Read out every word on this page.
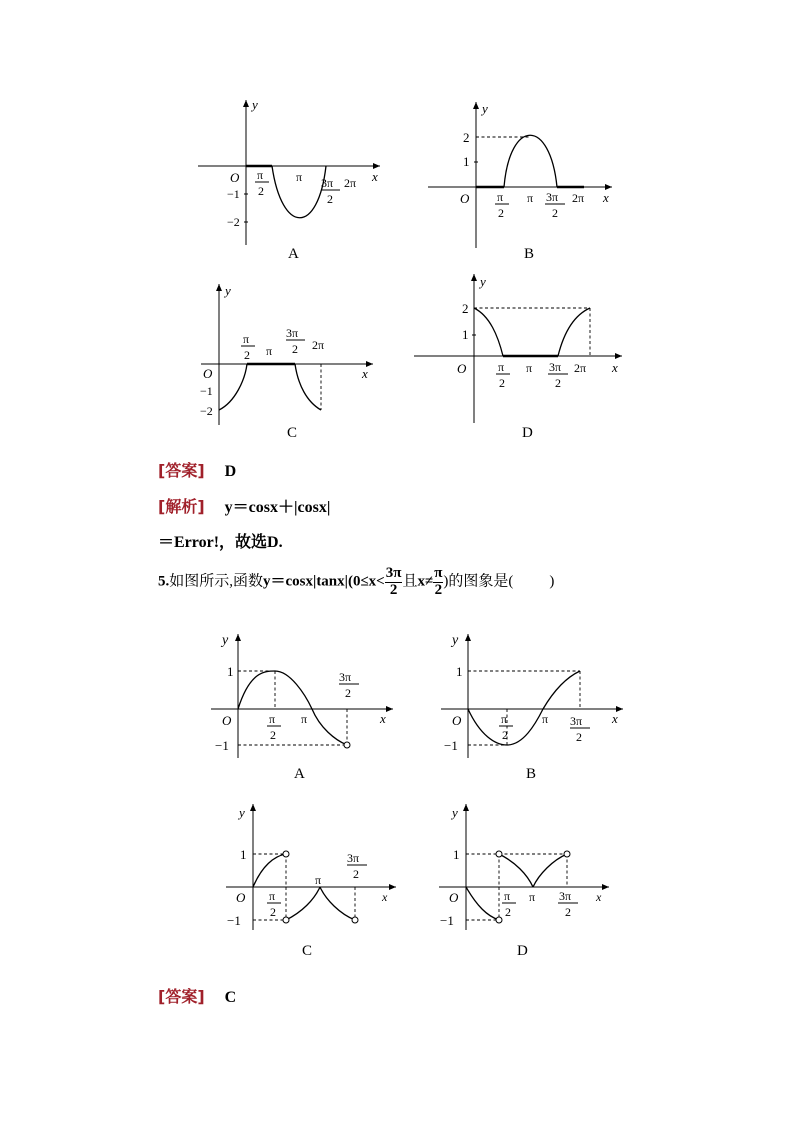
y
x
O
−1
−2
π
2
π 3π
2
2π
A
y
x
O
2
1
π
2
π 3π
2
2π
B
y
x
O
−1
−2
π
2 π
3π
2 2π
C
y
x
O
2
1
π
2
π 3π
2
2π
D
[答案] D
[解析] y＝cosx＋|cosx|
＝Error!，故选D.
5.如图所示,函数$y=\cos x|\tan x|(0\le x< \frac{3\pi}{2}$ 且$x\ne \frac{\pi}{2}$ )的图象是( )
y
x
O
1
−1
π
2
π
3π
2
A
y
x
O
1
−1
π
2
π 3π
2
B
y
x
O
1
−1
π
2
π
3π
2
C
y
x
O
1
−1
π
2
π 3π
2
D
[答案] C
